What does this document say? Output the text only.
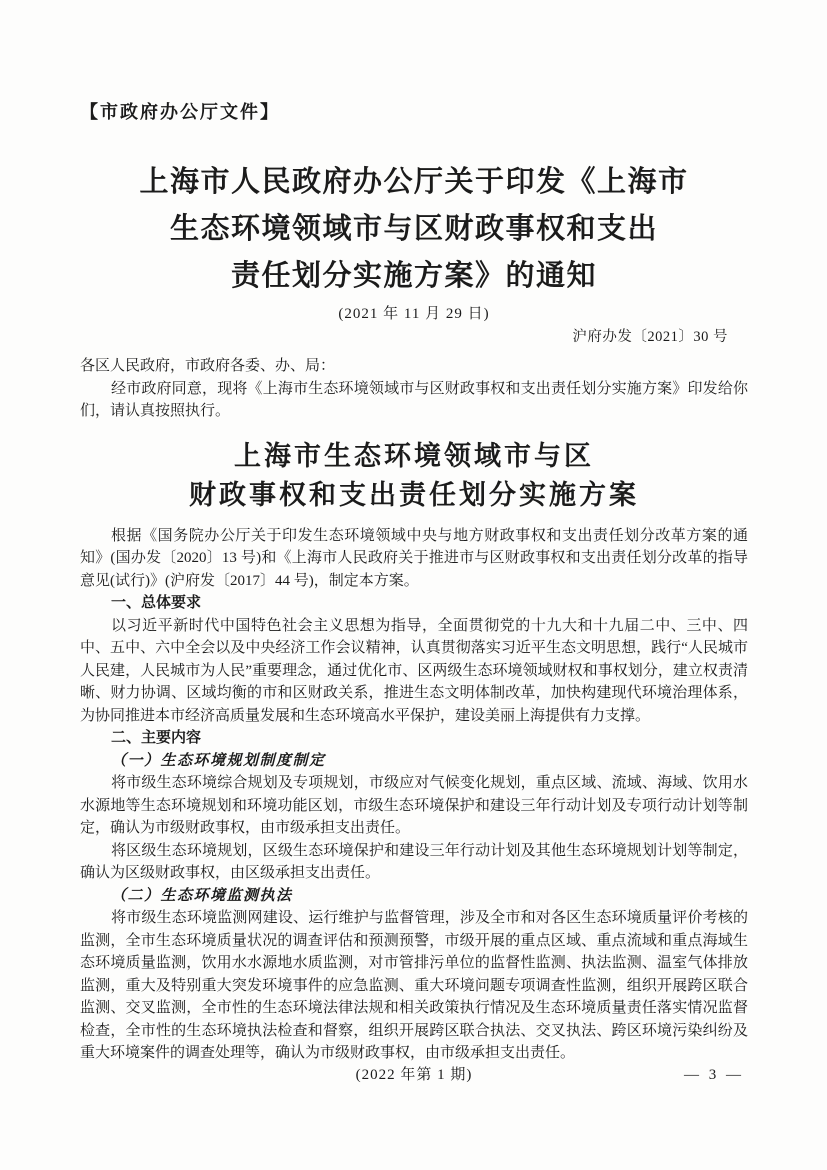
【市政府办公厅文件】
上海市人民政府办公厅关于印发《上海市
生态环境领域市与区财政事权和支出
责任划分实施方案》的通知
(2021 年 11 月 29 日)
沪府办发〔2021〕30 号
各区人民政府，市政府各委、办、局：

经市政府同意，现将《上海市生态环境领域市与区财政事权和支出责任划分实施方案》印发给你们，请认真按照执行。

上海市生态环境领域市与区
财政事权和支出责任划分实施方案

根据《国务院办公厅关于印发生态环境领域中央与地方财政事权和支出责任划分改革方案的通知》(国办发〔2020〕13 号)和《上海市人民政府关于推进市与区财政事权和支出责任划分改革的指导意见(试行)》(沪府发〔2017〕44 号)，制定本方案。

一、总体要求

以习近平新时代中国特色社会主义思想为指导，全面贯彻党的十九大和十九届二中、三中、四中、五中、六中全会以及中央经济工作会议精神，认真贯彻落实习近平生态文明思想，践行“人民城市人民建，人民城市为人民”重要理念，通过优化市、区两级生态环境领域财权和事权划分，建立权责清晰、财力协调、区域均衡的市和区财政关系，推进生态文明体制改革，加快构建现代环境治理体系，为协同推进本市经济高质量发展和生态环境高水平保护，建设美丽上海提供有力支撑。

二、主要内容
（一）生态环境规划制度制定

将市级生态环境综合规划及专项规划，市级应对气候变化规划，重点区域、流域、海域、饮用水水源地等生态环境规划和环境功能区划，市级生态环境保护和建设三年行动计划及专项行动计划等制定，确认为市级财政事权，由市级承担支出责任。

将区级生态环境规划，区级生态环境保护和建设三年行动计划及其他生态环境规划计划等制定，确认为区级财政事权，由区级承担支出责任。

（二）生态环境监测执法

将市级生态环境监测网建设、运行维护与监督管理，涉及全市和对各区生态环境质量评价考核的监测，全市生态环境质量状况的调查评估和预测预警，市级开展的重点区域、重点流域和重点海域生态环境质量监测，饮用水水源地水质监测，对市管排污单位的监督性监测、执法监测、温室气体排放监测，重大及特别重大突发环境事件的应急监测、重大环境问题专项调查性监测，组织开展跨区联合监测、交叉监测，全市性的生态环境法律法规和相关政策执行情况及生态环境质量责任落实情况监督检查，全市性的生态环境执法检查和督察，组织开展跨区联合执法、交叉执法、跨区环境污染纠纷及重大环境案件的调查处理等，确认为市级财政事权，由市级承担支出责任。

(2022 年第 1 期)	— 3 —
